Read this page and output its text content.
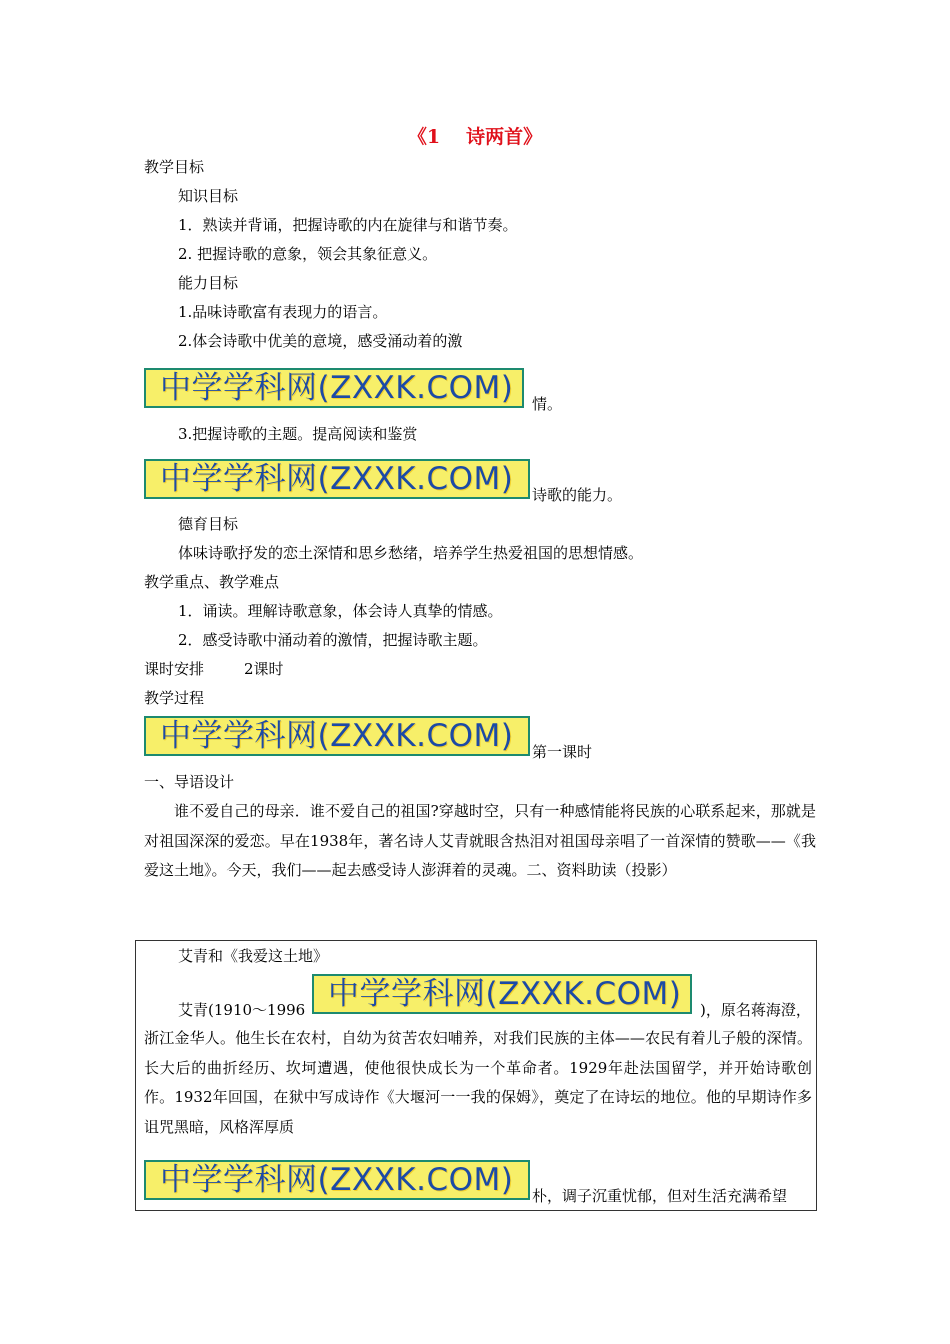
《1 诗两首》
教学目标
知识目标
1．熟读并背诵，把握诗歌的内在旋律与和谐节奏。
2. 把握诗歌的意象，领会其象征意义。
能力目标
1.品味诗歌富有表现力的语言。
2.体会诗歌中优美的意境，感受涌动着的激
中学学科网(ZXXK.COM)	情。
3.把握诗歌的主题。提高阅读和鉴赏
中学学科网(ZXXK.COM)	诗歌的能力。
德育目标
体味诗歌抒发的恋土深情和思乡愁绪，培养学生热爱祖国的思想情感。
教学重点、教学难点
1．诵读。理解诗歌意象，体会诗人真挚的情感。
2．感受诗歌中涌动着的激情，把握诗歌主题。
课时安排	2课时
教学过程
中学学科网(ZXXK.COM)	第一课时
一、导语设计
谁不爱自己的母亲．谁不爱自己的祖国?穿越时空，只有一种感情能将民族的心联系起来，那就是对祖国深深的爱恋。早在1938年，著名诗人艾青就眼含热泪对祖国母亲唱了一首深情的赞歌——《我爱这土地》。今天，我们——起去感受诗人澎湃着的灵魂。二、资料助读（投影）
艾青和《我爱这土地》
艾青(1910～1996 中学学科网(ZXXK.COM)	)，原名蒋海澄，
浙江金华人。他生长在农村，自幼为贫苦农妇哺养，对我们民族的主体——农民有着儿子般的深情。长大后的曲折经历、坎坷遭遇，使他很快成长为一个革命者。1929年赴法国留学，并开始诗歌创作。1932年回国，在狱中写成诗作《大堰河一一我的保姆》，奠定了在诗坛的地位。他的早期诗作多诅咒黑暗，风格浑厚质
中学学科网(ZXXK.COM)	朴，调子沉重忧郁，但对生活充满希望
